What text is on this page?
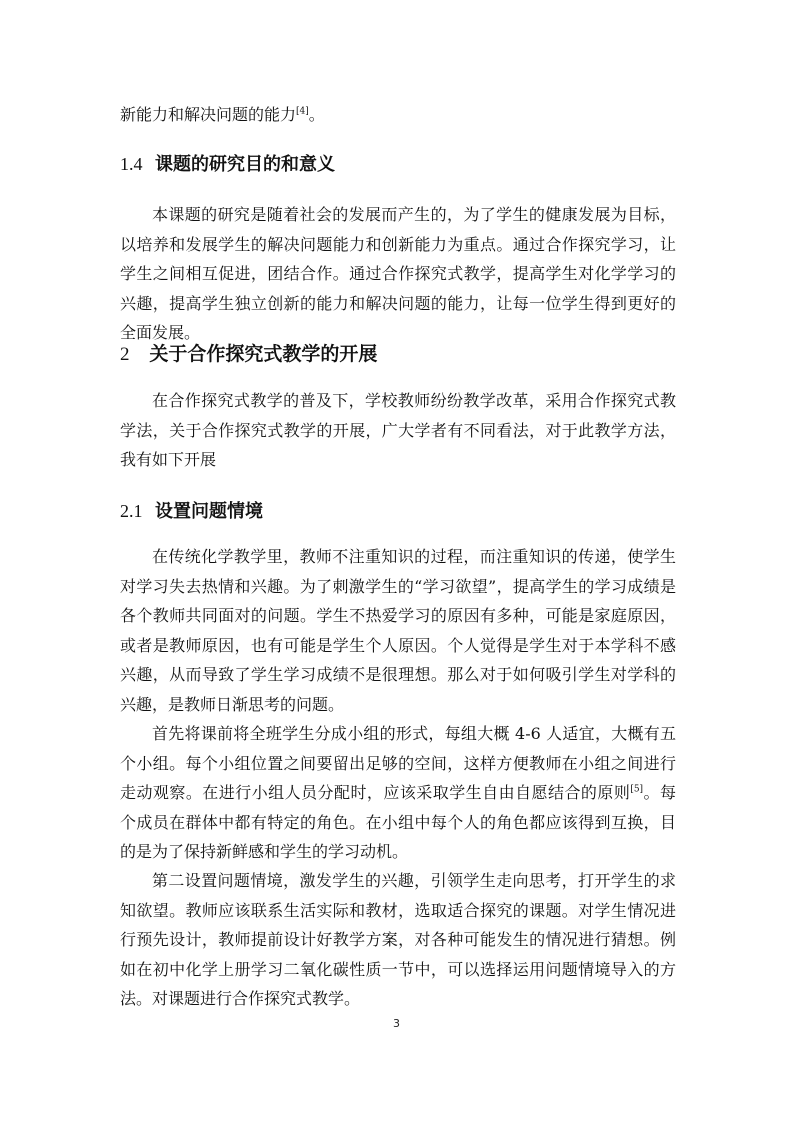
新能力和解决问题的能力[4]。

1.4 课题的研究目的和意义

本课题的研究是随着社会的发展而产生的，为了学生的健康发展为目标，以培养和发展学生的解决问题能力和创新能力为重点。通过合作探究学习，让学生之间相互促进，团结合作。通过合作探究式教学，提高学生对化学学习的兴趣，提高学生独立创新的能力和解决问题的能力，让每一位学生得到更好的全面发展。

2 关于合作探究式教学的开展

在合作探究式教学的普及下，学校教师纷纷教学改革，采用合作探究式教学法，关于合作探究式教学的开展，广大学者有不同看法，对于此教学方法，我有如下开展

2.1 设置问题情境

在传统化学教学里，教师不注重知识的过程，而注重知识的传递，使学生对学习失去热情和兴趣。为了刺激学生的“学习欲望”，提高学生的学习成绩是各个教师共同面对的问题。学生不热爱学习的原因有多种，可能是家庭原因，或者是教师原因，也有可能是学生个人原因。个人觉得是学生对于本学科不感兴趣，从而导致了学生学习成绩不是很理想。那么对于如何吸引学生对学科的兴趣，是教师日渐思考的问题。

首先将课前将全班学生分成小组的形式，每组大概 4-6 人适宜，大概有五个小组。每个小组位置之间要留出足够的空间，这样方便教师在小组之间进行走动观察。在进行小组人员分配时，应该采取学生自由自愿结合的原则[5]。每个成员在群体中都有特定的角色。在小组中每个人的角色都应该得到互换，目的是为了保持新鲜感和学生的学习动机。

第二设置问题情境，激发学生的兴趣，引领学生走向思考，打开学生的求知欲望。教师应该联系生活实际和教材，选取适合探究的课题。对学生情况进行预先设计，教师提前设计好教学方案，对各种可能发生的情况进行猜想。例如在初中化学上册学习二氧化碳性质一节中，可以选择运用问题情境导入的方法。对课题进行合作探究式教学。

3
